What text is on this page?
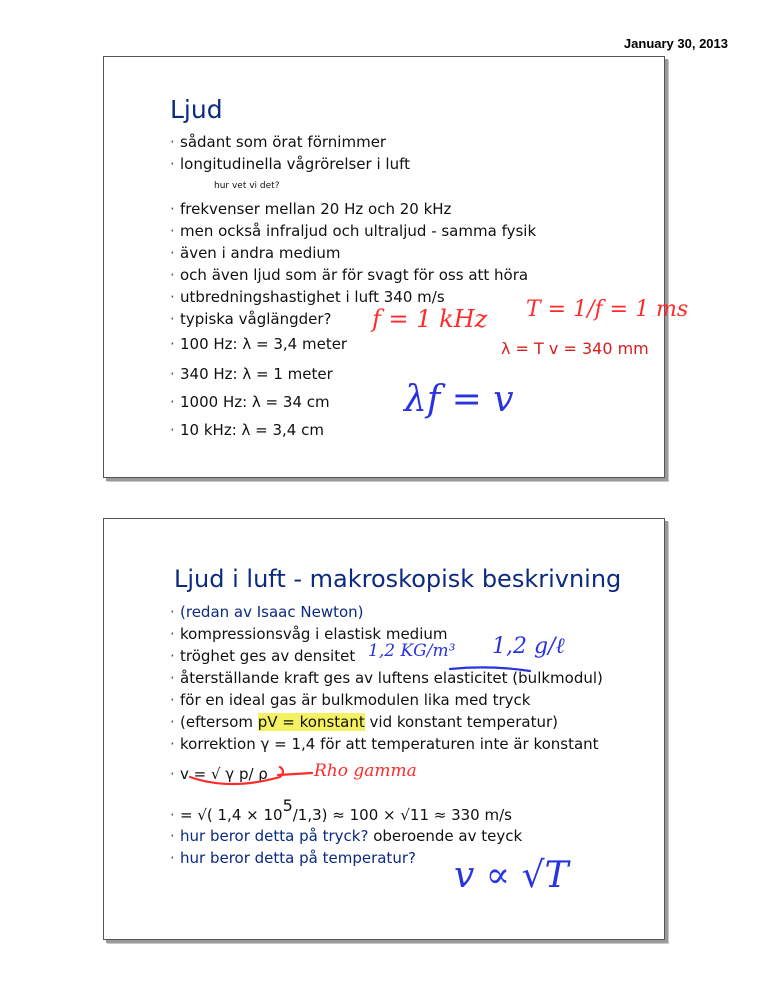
January 30, 2013
Ljud
· sådant som örat förnimmer
· longitudinella vågrörelser i luft
hur vet vi det?
· frekvenser mellan 20 Hz och 20 kHz
· men också infraljud och ultraljud - samma fysik
· även i andra medium
· och även ljud som är för svagt för oss att höra
· utbredningshastighet i luft 340 m/s
· typiska våglängder?
· 100 Hz: λ = 3,4 meter
· 340 Hz: λ = 1 meter
· 1000 Hz: λ = 34 cm
· 10 kHz: λ = 3,4 cm
λ = T v = 340 mm
f = 1 kHz T = 1/f = 1 ms
λf = v
Ljud i luft - makroskopisk beskrivning
· (redan av Isaac Newton)
· kompressionsvåg i elastisk medium
· tröghet ges av densitet
· återställande kraft ges av luftens elasticitet (bulkmodul)
· för en ideal gas är bulkmodulen lika med tryck
· (eftersom pV = konstant vid konstant temperatur)
· korrektion γ = 1,4 för att temperaturen inte är konstant
· v = √ γ p/ ρ
· = √( 1,4 × 105/1,3) ≈ 100 × √11 ≈ 330 m/s
· hur beror detta på tryck? oberoende av teyck
· hur beror detta på temperatur?
1,2 KG/m³ 1,2 g/ℓ
Rho gamma
v ∝ √T
